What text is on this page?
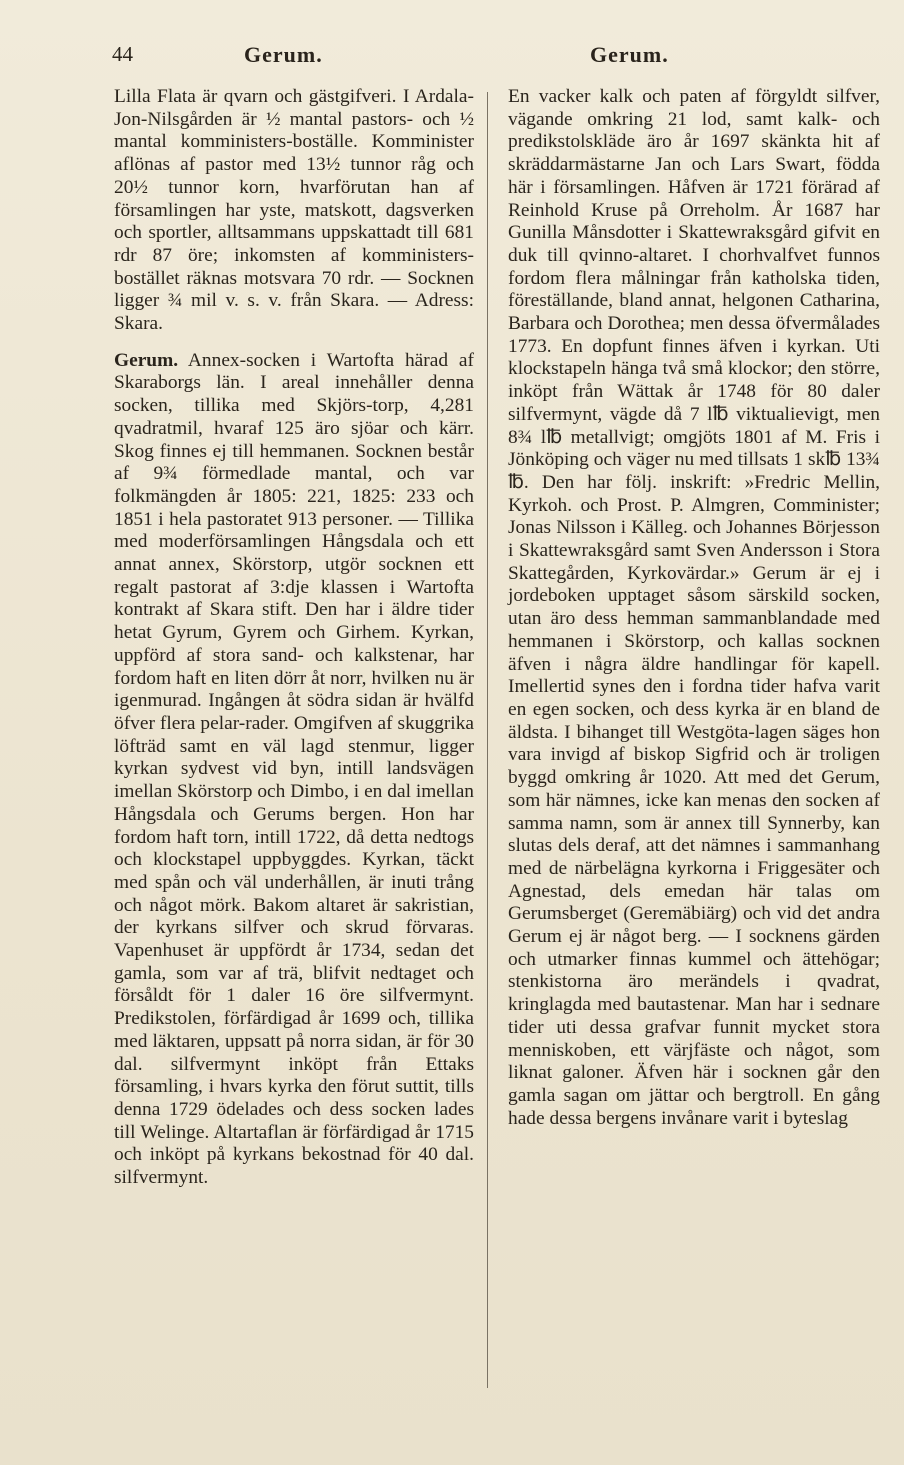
44	Gerum.	Gerum.

Lilla Flata är qvarn och gästgifveri. I Ardala-Jon-Nilsgården är ½ mantal pastors- och ½ mantal komministers-boställe. Komminister aflönas af pastor med 13½ tunnor råg och 20½ tunnor korn, hvarförutan han af församlingen har yste, matskott, dagsverken och sportler, alltsammans uppskattadt till 681 rdr 87 öre; inkomsten af komministers-bostället räknas motsvara 70 rdr. — Socknen ligger ¾ mil v. s. v. från Skara. — Adress: Skara.

Gerum. Annex-socken i Wartofta härad af Skaraborgs län. I areal innehåller denna socken, tillika med Skjörs-torp, 4,281 qvadratmil, hvaraf 125 äro sjöar och kärr. Skog finnes ej till hemmanen. Socknen består af 9¾ förmedlade mantal, och var folkmängden år 1805: 221, 1825: 233 och 1851 i hela pastoratet 913 personer. — Tillika med moderförsamlingen Hångsdala och ett annat annex, Skörstorp, utgör socknen ett regalt pastorat af 3:dje klassen i Wartofta kontrakt af Skara stift. Den har i äldre tider hetat Gyrum, Gyrem och Girhem. Kyrkan, uppförd af stora sand- och kalkstenar, har fordom haft en liten dörr åt norr, hvilken nu är igenmurad. Ingången åt södra sidan är hvälfd öfver flera pelar-rader. Omgifven af skuggrika löfträd samt en väl lagd stenmur, ligger kyrkan sydvest vid byn, intill landsvägen imellan Skörstorp och Dimbo, i en dal imellan Hångsdala och Gerums bergen. Hon har fordom haft torn, intill 1722, då detta nedtogs och klockstapel uppbyggdes. Kyrkan, täckt med spån och väl underhållen, är inuti trång och något mörk. Bakom altaret är sakristian, der kyrkans silfver och skrud förvaras. Vapenhuset är uppfördt år 1734, sedan det gamla, som var af trä, blifvit nedtaget och försåldt för 1 daler 16 öre silfvermynt. Predikstolen, förfärdigad år 1699 och, tillika med läktaren, uppsatt på norra sidan, är för 30 dal. silfvermynt inköpt från Ettaks församling, i hvars kyrka den förut suttit, tills denna 1729 ödelades och dess socken lades till Welinge. Altartaflan är förfärdigad år 1715 och inköpt på kyrkans bekostnad för 40 dal. silfvermynt.

En vacker kalk och paten af förgyldt silfver, vägande omkring 21 lod, samt kalk- och predikstolskläde äro år 1697 skänkta hit af skräddarmästarne Jan och Lars Swart, födda här i församlingen. Håfven är 1721 förärad af Reinhold Kruse på Orreholm. År 1687 har Gunilla Månsdotter i Skattewraksgård gifvit en duk till qvinno-altaret. I chorhvalfvet funnos fordom flera målningar från katholska tiden, föreställande, bland annat, helgonen Catharina, Barbara och Dorothea; men dessa öfvermålades 1773. En dopfunt finnes äfven i kyrkan. Uti klockstapeln hänga två små klockor; den större, inköpt från Wättak år 1748 för 80 daler silfvermynt, vägde då 7 l℔ viktualievigt, men 8¾ l℔ metallvigt; omgjöts 1801 af M. Fris i Jönköping och väger nu med tillsats 1 sk℔ 13¾ ℔. Den har följ. inskrift: »Fredric Mellin, Kyrkoh. och Prost. P. Almgren, Comminister; Jonas Nilsson i Källeg. och Johannes Börjesson i Skattewraksgård samt Sven Andersson i Stora Skattegården, Kyrkovärdar.» Gerum är ej i jordeboken upptaget såsom särskild socken, utan äro dess hemman sammanblandade med hemmanen i Skörstorp, och kallas socknen äfven i några äldre handlingar för kapell. Imellertid synes den i fordna tider hafva varit en egen socken, och dess kyrka är en bland de äldsta. I bihanget till Westgöta-lagen säges hon vara invigd af biskop Sigfrid och är troligen byggd omkring år 1020. Att med det Gerum, som här nämnes, icke kan menas den socken af samma namn, som är annex till Synnerby, kan slutas dels deraf, att det nämnes i sammanhang med de närbelägna kyrkorna i Friggesäter och Agnestad, dels emedan här talas om Gerumsberget (Geremäbiärg) och vid det andra Gerum ej är något berg. — I socknens gärden och utmarker finnas kummel och ättehögar; stenkistorna äro merändels i qvadrat, kringlagda med bautastenar. Man har i sednare tider uti dessa grafvar funnit mycket stora menniskoben, ett värjfäste och något, som liknat galoner. Äfven här i socknen går den gamla sagan om jättar och bergtroll. En gång hade dessa bergens invånare varit i byteslag
